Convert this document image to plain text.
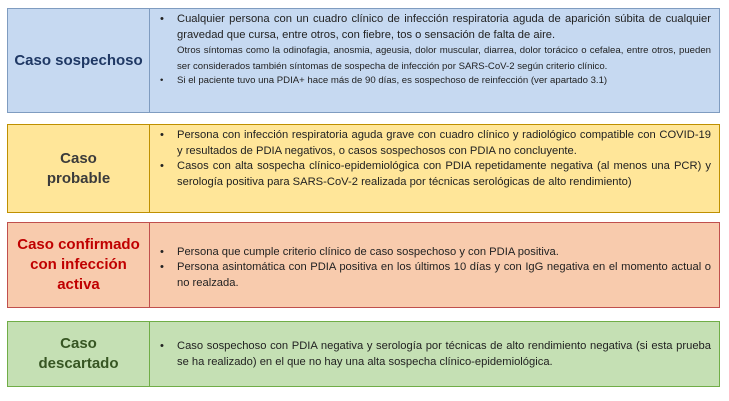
Caso sospechoso
• Cualquier persona con un cuadro clínico de infección respiratoria aguda de aparición súbita de cualquier gravedad que cursa, entre otros, con fiebre, tos o sensación de falta de aire.
Otros síntomas como la odinofagia, anosmia, ageusia, dolor muscular, diarrea, dolor torácico o cefalea, entre otros, pueden ser considerados también síntomas de sospecha de infección por SARS-CoV-2 según criterio clínico.
• Si el paciente tuvo una PDIA+ hace más de 90 días, es sospechoso de reinfección (ver apartado 3.1)
Caso probable
• Persona con infección respiratoria aguda grave con cuadro clínico y radiológico compatible con COVID-19 y resultados de PDIA negativos, o casos sospechosos con PDIA no concluyente.
• Casos con alta sospecha clínico-epidemiológica con PDIA repetidamente negativa (al menos una PCR) y serología positiva para SARS-CoV-2 realizada por técnicas serológicas de alto rendimiento)
Caso confirmado con infección activa
• Persona que cumple criterio clínico de caso sospechoso y con PDIA positiva.
• Persona asintomática con PDIA positiva en los últimos 10 días y con IgG negativa en el momento actual o no realzada.
Caso descartado
• Caso sospechoso con PDIA negativa y serología por técnicas de alto rendimiento negativa (si esta prueba se ha realizado) en el que no hay una alta sospecha clínico-epidemiológica.
